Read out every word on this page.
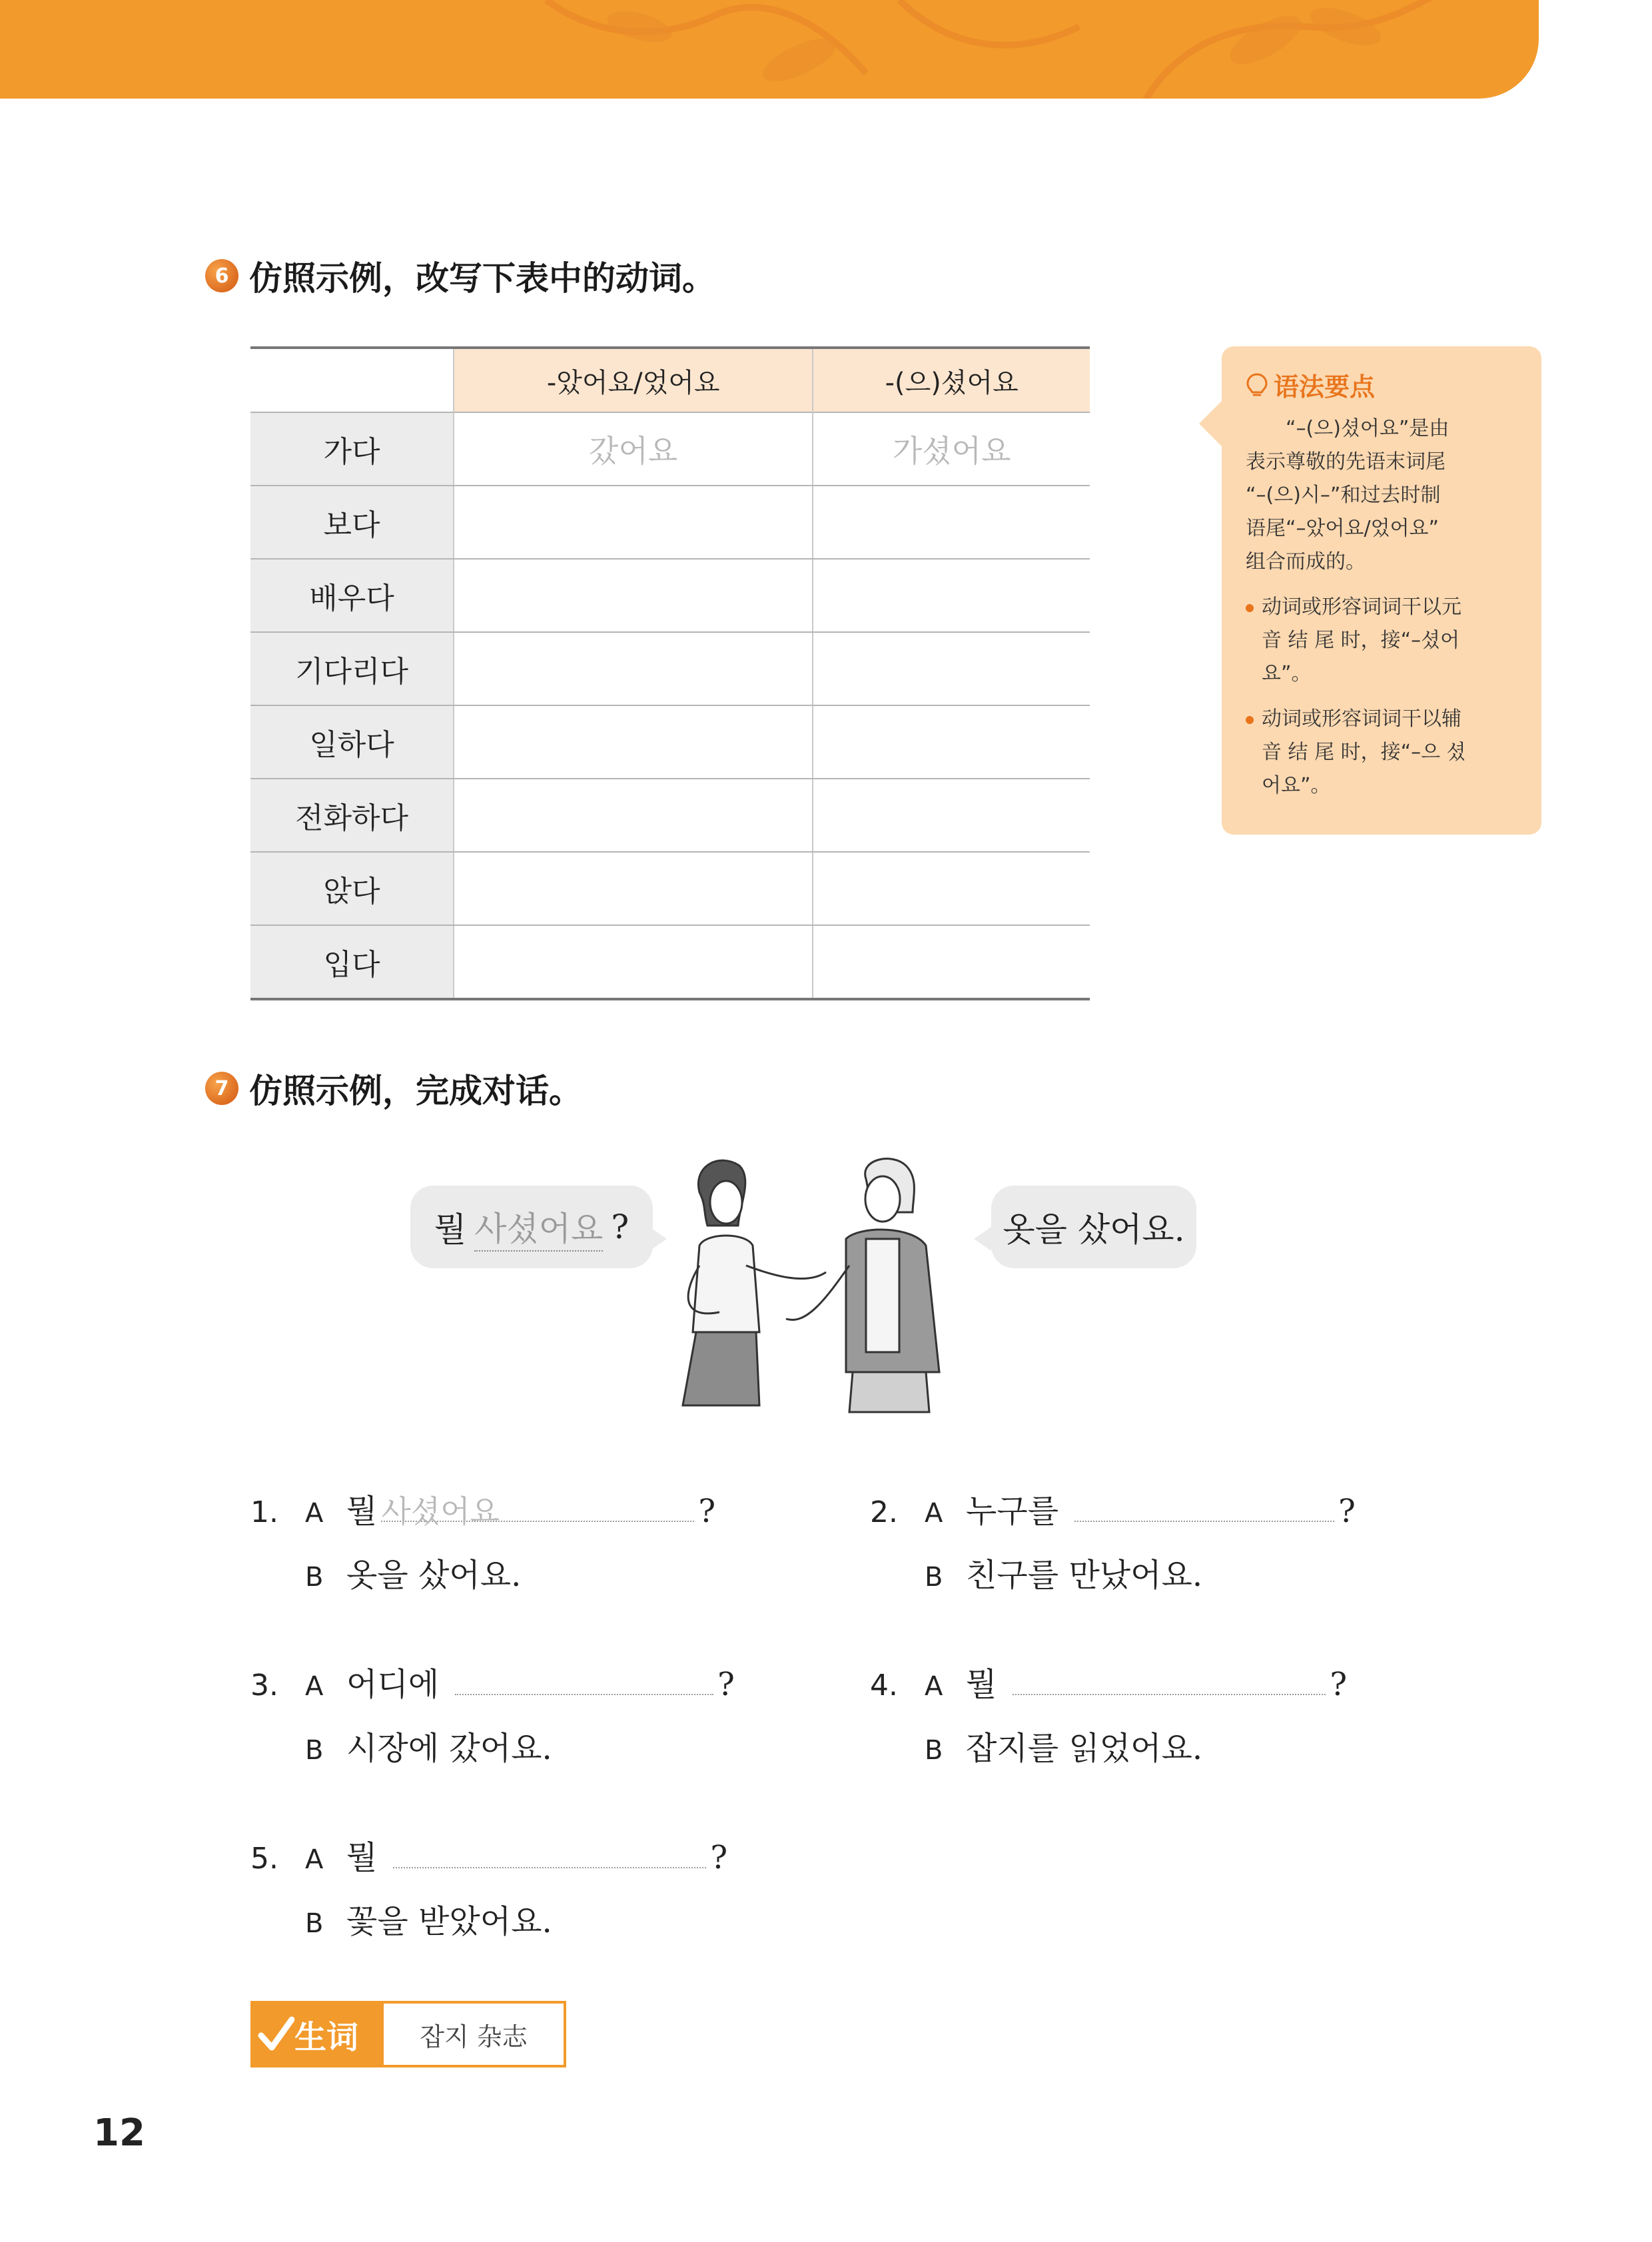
6 仿照示例，改写下表中的动词。
	-았어요/었어요	-(으)셨어요
가다	갔어요	가셨어요
보다		
배우다		
기다리다		
일하다		
전화하다		
앉다		
입다		
语法要点
“–(으)셨어요”是由
表示尊敬的先语末词尾
“–(으)시–”和过去时制
语尾“–았어요/었어요”
组合而成的。
动词或形容词词干以元
音 结 尾 时，接“–셨어
요”。
动词或形容词词干以辅
音 结 尾 时，接“–으 셨
어요”。
7 仿照示例，完成对话。
뭘 사셨어요 ?	옷을 샀어요.
1.	A 뭘 사셨어요	?
B 옷을 샀어요.
2.	A 누구를	?
B 친구를 만났어요.
3.	A 어디에	?
B 시장에 갔어요.
4.	A 뭘	?
B 잡지를 읽었어요.
5.	A 뭘	?
B 꽃을 받았어요.
生词	잡지 杂志
12
